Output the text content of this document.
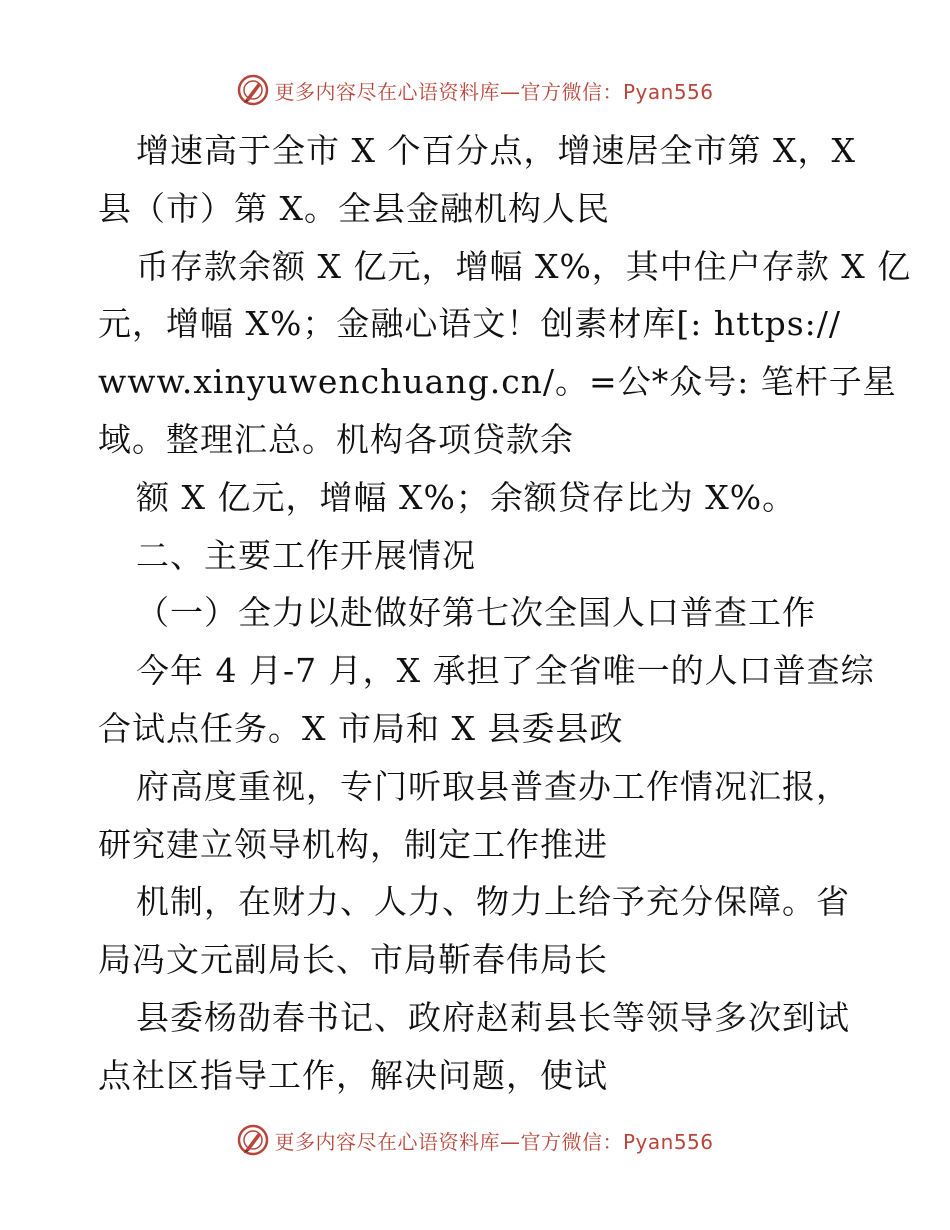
更多内容尽在心语资料库—官方微信：Pyan556
增速高于全市 X 个百分点，增速居全市第 X，X
县（市）第 X。全县金融机构人民
币存款余额 X 亿元，增幅 X%，其中住户存款 X 亿
元，增幅 X%；金融心语文！创素材库[: https://
www.xinyuwenchuang.cn/。=公*众号: 笔杆子星
域。整理汇总。机构各项贷款余
额 X 亿元，增幅 X%；余额贷存比为 X%。
二、主要工作开展情况
（一）全力以赴做好第七次全国人口普查工作
今年 4 月-7 月，X 承担了全省唯一的人口普查综
合试点任务。X 市局和 X 县委县政
府高度重视，专门听取县普查办工作情况汇报，
研究建立领导机构，制定工作推进
机制，在财力、人力、物力上给予充分保障。省
局冯文元副局长、市局靳春伟局长
县委杨劭春书记、政府赵莉县长等领导多次到试
点社区指导工作，解决问题，使试
更多内容尽在心语资料库—官方微信：Pyan556
